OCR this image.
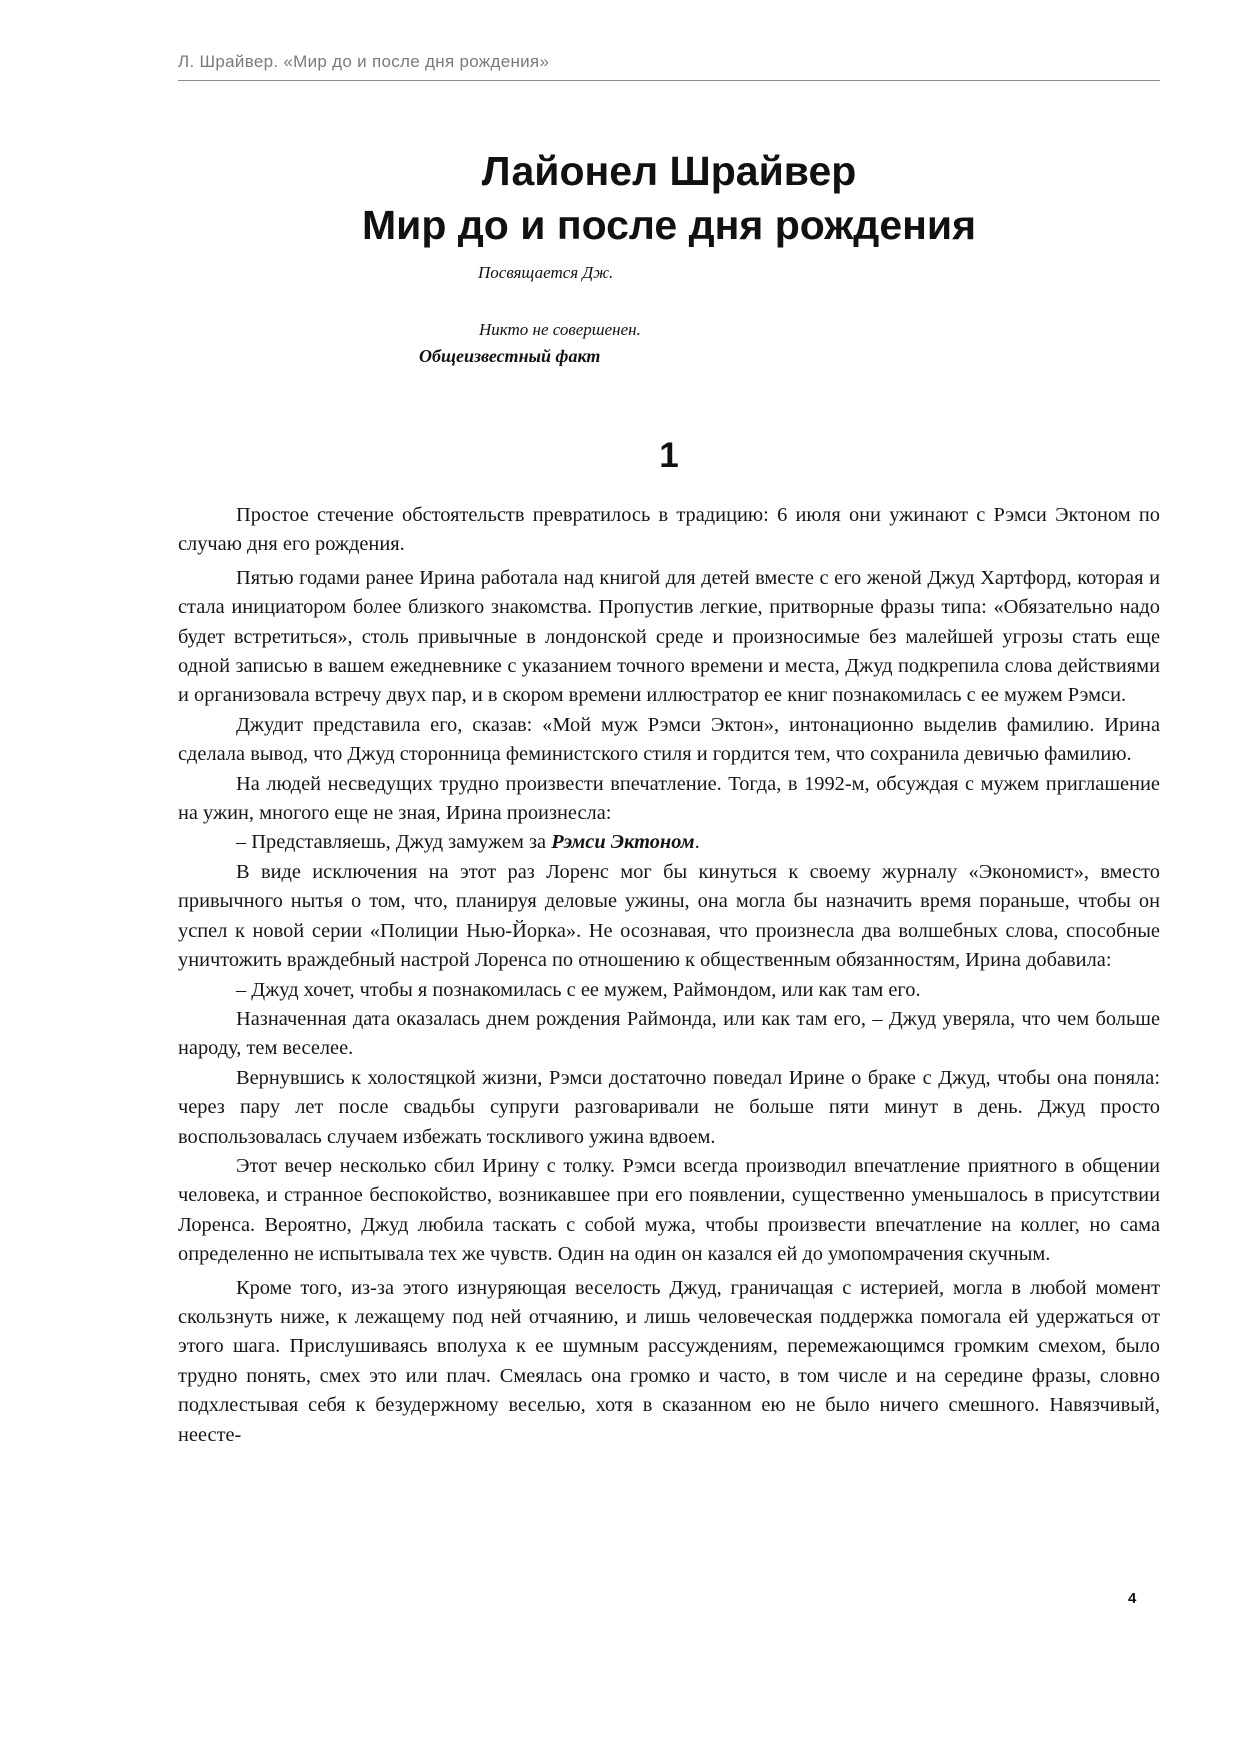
Л. Шрайвер. «Мир до и после дня рождения»
Лайонел Шрайвер
Мир до и после дня рождения
Посвящается Дж.
Никто не совершенен.
Общеизвестный факт
1

Простое стечение обстоятельств превратилось в традицию: 6 июля они ужинают с Рэмси Эктоном по случаю дня его рождения.

Пятью годами ранее Ирина работала над книгой для детей вместе с его женой Джуд Хартфорд, которая и стала инициатором более близкого знакомства. Пропустив легкие, притворные фразы типа: «Обязательно надо будет встретиться», столь привычные в лондонской среде и произносимые без малейшей угрозы стать еще одной записью в вашем ежедневнике с указанием точного времени и места, Джуд подкрепила слова действиями и организовала встречу двух пар, и в скором времени иллюстратор ее книг познакомилась с ее мужем Рэмси.

Джудит представила его, сказав: «Мой муж Рэмси Эктон», интонационно выделив фамилию. Ирина сделала вывод, что Джуд сторонница феминистского стиля и гордится тем, что сохранила девичью фамилию.

На людей несведущих трудно произвести впечатление. Тогда, в 1992-м, обсуждая с мужем приглашение на ужин, многого еще не зная, Ирина произнесла:

– Представляешь, Джуд замужем за Рэмси Эктоном.

В виде исключения на этот раз Лоренс мог бы кинуться к своему журналу «Экономист», вместо привычного нытья о том, что, планируя деловые ужины, она могла бы назначить время пораньше, чтобы он успел к новой серии «Полиции Нью-Йорка». Не осознавая, что произнесла два волшебных слова, способные уничтожить враждебный настрой Лоренса по отношению к общественным обязанностям, Ирина добавила:

– Джуд хочет, чтобы я познакомилась с ее мужем, Раймондом, или как там его.

Назначенная дата оказалась днем рождения Раймонда, или как там его, – Джуд уверяла, что чем больше народу, тем веселее.

Вернувшись к холостяцкой жизни, Рэмси достаточно поведал Ирине о браке с Джуд, чтобы она поняла: через пару лет после свадьбы супруги разговаривали не больше пяти минут в день. Джуд просто воспользовалась случаем избежать тоскливого ужина вдвоем.

Этот вечер несколько сбил Ирину с толку. Рэмси всегда производил впечатление приятного в общении человека, и странное беспокойство, возникавшее при его появлении, существенно уменьшалось в присутствии Лоренса. Вероятно, Джуд любила таскать с собой мужа, чтобы произвести впечатление на коллег, но сама определенно не испытывала тех же чувств. Один на один он казался ей до умопомрачения скучным.

Кроме того, из-за этого изнуряющая веселость Джуд, граничащая с истерией, могла в любой момент скользнуть ниже, к лежащему под ней отчаянию, и лишь человеческая поддержка помогала ей удержаться от этого шага. Прислушиваясь вполуха к ее шумным рассуждениям, перемежающимся громким смехом, было трудно понять, смех это или плач. Смеялась она громко и часто, в том числе и на середине фразы, словно подхлестывая себя к безудержному веселью, хотя в сказанном ею не было ничего смешного. Навязчивый, неесте-

4
